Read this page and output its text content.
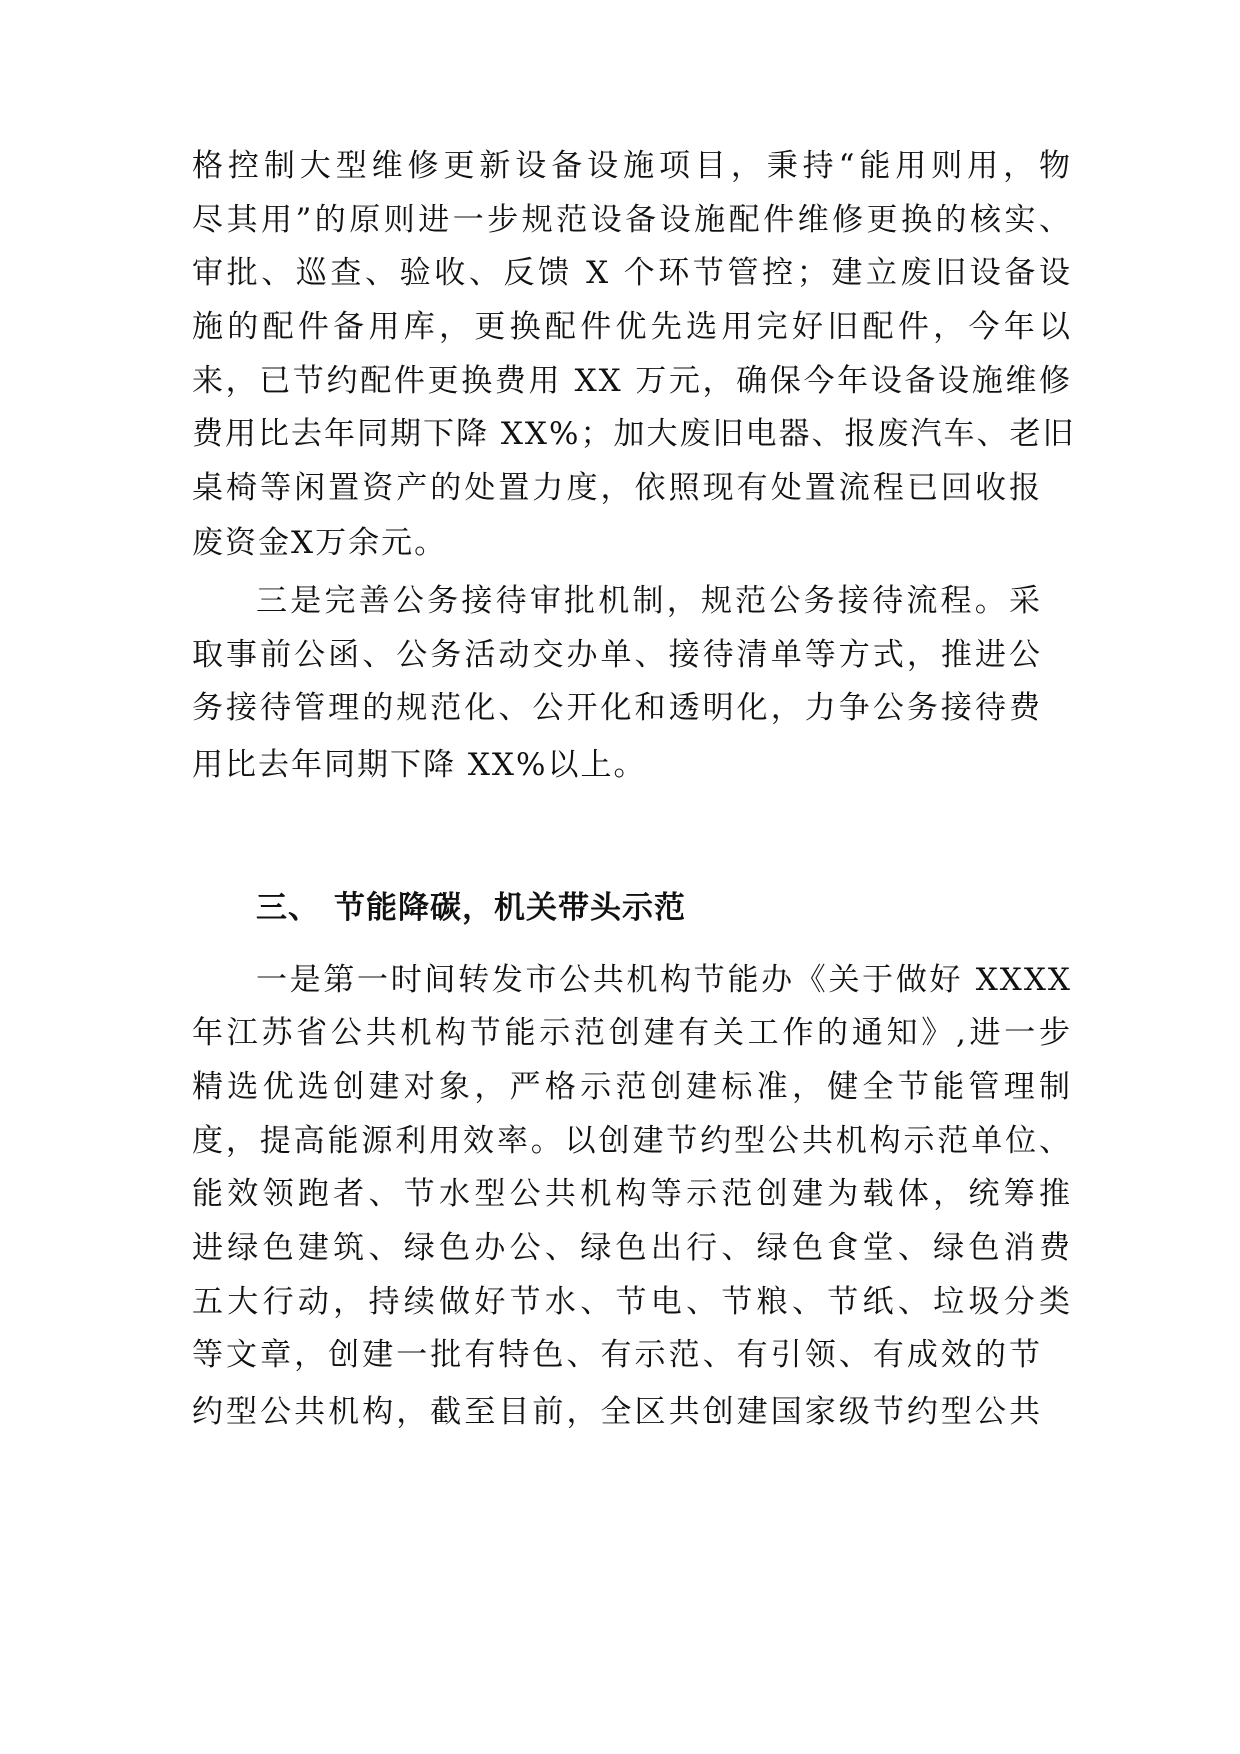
格控制大型维修更新设备设施项目，秉持“能用则用，物
尽其用”的原则进一步规范设备设施配件维修更换的核实、
审批、巡查、验收、反馈 X 个环节管控；建立废旧设备设
施的配件备用库，更换配件优先选用完好旧配件，今年以
来，已节约配件更换费用 XX 万元，确保今年设备设施维修
费用比去年同期下降 XX%；加大废旧电器、报废汽车、老旧
桌椅等闲置资产的处置力度，依照现有处置流程已回收报
废资金X万余元。
三是完善公务接待审批机制，规范公务接待流程。采
取事前公函、公务活动交办单、接待清单等方式，推进公
务接待管理的规范化、公开化和透明化，力争公务接待费
用比去年同期下降 XX%以上。
三、 节能降碳，机关带头示范
一是第一时间转发市公共机构节能办《关于做好 XXXX
年江苏省公共机构节能示范创建有关工作的通知》,进一步
精选优选创建对象，严格示范创建标准，健全节能管理制
度，提高能源利用效率。以创建节约型公共机构示范单位、
能效领跑者、节水型公共机构等示范创建为载体，统筹推
进绿色建筑、绿色办公、绿色出行、绿色食堂、绿色消费
五大行动，持续做好节水、节电、节粮、节纸、垃圾分类
等文章，创建一批有特色、有示范、有引领、有成效的节
约型公共机构，截至目前，全区共创建国家级节约型公共
